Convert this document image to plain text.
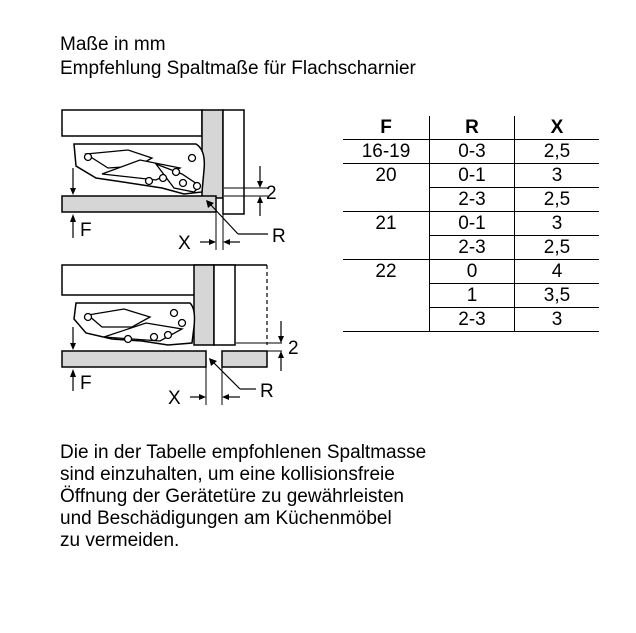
Maße in mm
Empfehlung Spaltmaße für Flachscharnier
2
F
X	R
2
F
X	R
F	R	X
16-19	0-3	2,5
20	0-1	3
	2-3	2,5
21	0-1	3
	2-3	2,5
22	0	4
	1	3,5
	2-3	3

Die in der Tabelle empfohlenen Spaltmasse
sind einzuhalten, um eine kollisionsfreie
Öffnung der Gerätetüre zu gewährleisten
und Beschädigungen am Küchenmöbel
zu vermeiden.
